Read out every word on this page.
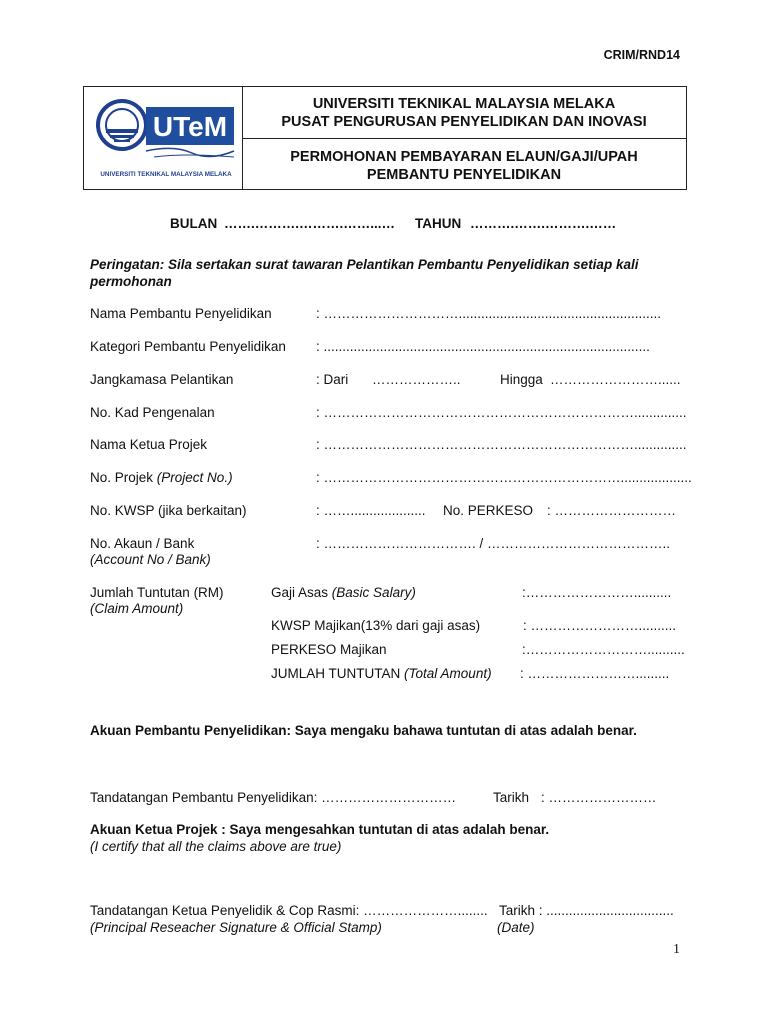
CRIM/RND14
UTeM
UNIVERSITI TEKNIKAL MALAYSIA MELAKA
UNIVERSITI TEKNIKAL MALAYSIA MELAKA
PUSAT PENGURUSAN PENYELIDIKAN DAN INOVASI
PERMOHONAN PEMBAYARAN ELAUN/GAJI/UPAH
PEMBANTU PENYELIDIKAN
BULAN …….……….……….……...… TAHUN ……….…….……….……
Peringatan: Sila sertakan surat tawaran Pelantikan Pembantu Penyelidikan setiap kali
permohonan
Nama Pembantu Penyelidikan	: …………………………......................................................
Kategori Pembantu Penyelidikan : .......................................................................................
Jangkamasa Pelantikan	: Dari ………………..	Hingga ……………………......
No. Kad Pengenalan	: ……………………………………………………………..............
Nama Ketua Projek	: ……………………………………………………………..............
No. Projek (Project No.)	: …………………………………………………………...................
No. KWSP (jika berkaitan)	: …….................... No. PERKESO : ………………………
No. Akaun / Bank
(Account No / Bank)
: ……………………………. / …………………………………..
Jumlah Tuntutan (RM)
(Claim Amount)
Gaji Asas (Basic Salary)	:……………………..........
KWSP Majikan(13% dari gaji asas)	: ……………………..........
PERKESO Majikan	:………………………..........
JUMLAH TUNTUTAN (Total Amount) : …………………….........
Akuan Pembantu Penyelidikan: Saya mengaku bahawa tuntutan di atas adalah benar.
Tandatangan Pembantu Penyelidikan: …………………………	Tarikh : ……………………
Akuan Ketua Projek : Saya mengesahkan tuntutan di atas adalah benar.
(I certify that all the claims above are true)
Tandatangan Ketua Penyelidik & Cop Rasmi: …………………........
(Principal Reseacher Signature & Official Stamp)
Tarikh : ..................................
(Date)
1
